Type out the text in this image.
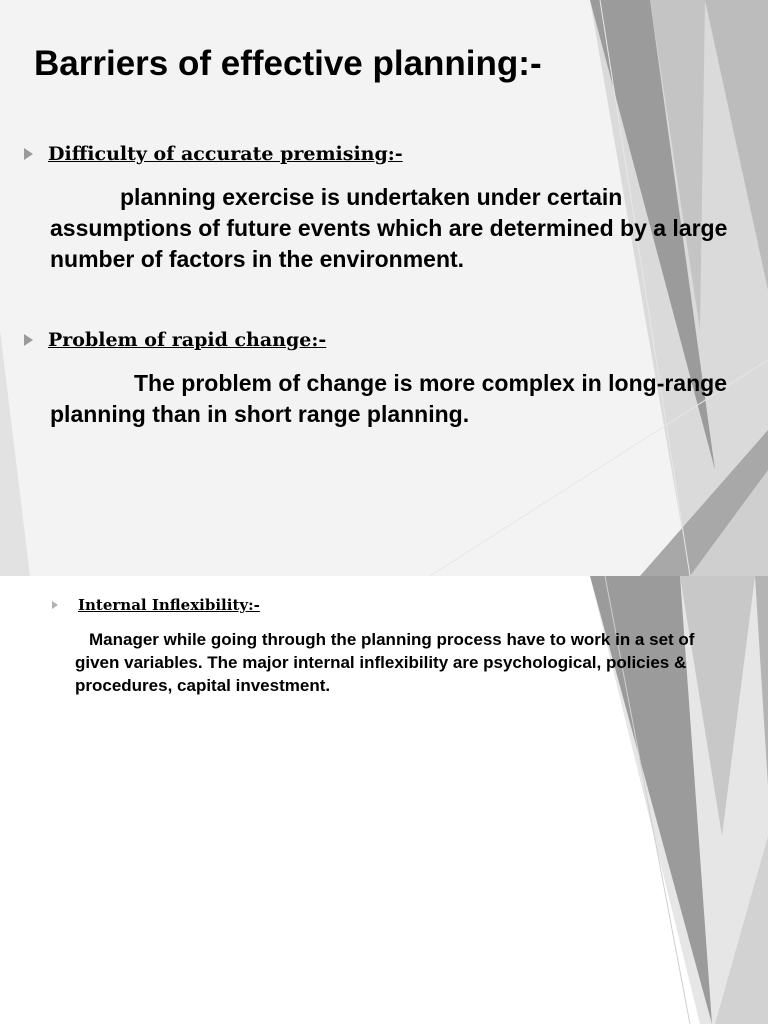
Barriers of effective planning:-
Difficulty of accurate premising:-

planning exercise is undertaken under certain assumptions of future events which are determined by a large number of factors in the environment.

Problem of rapid change:-

The problem of change is more complex in long-range planning than in short range planning.

Internal Inflexibility:-

Manager while going through the planning process have to work in a set of given variables. The major internal inflexibility are psychological, policies & procedures, capital investment.
